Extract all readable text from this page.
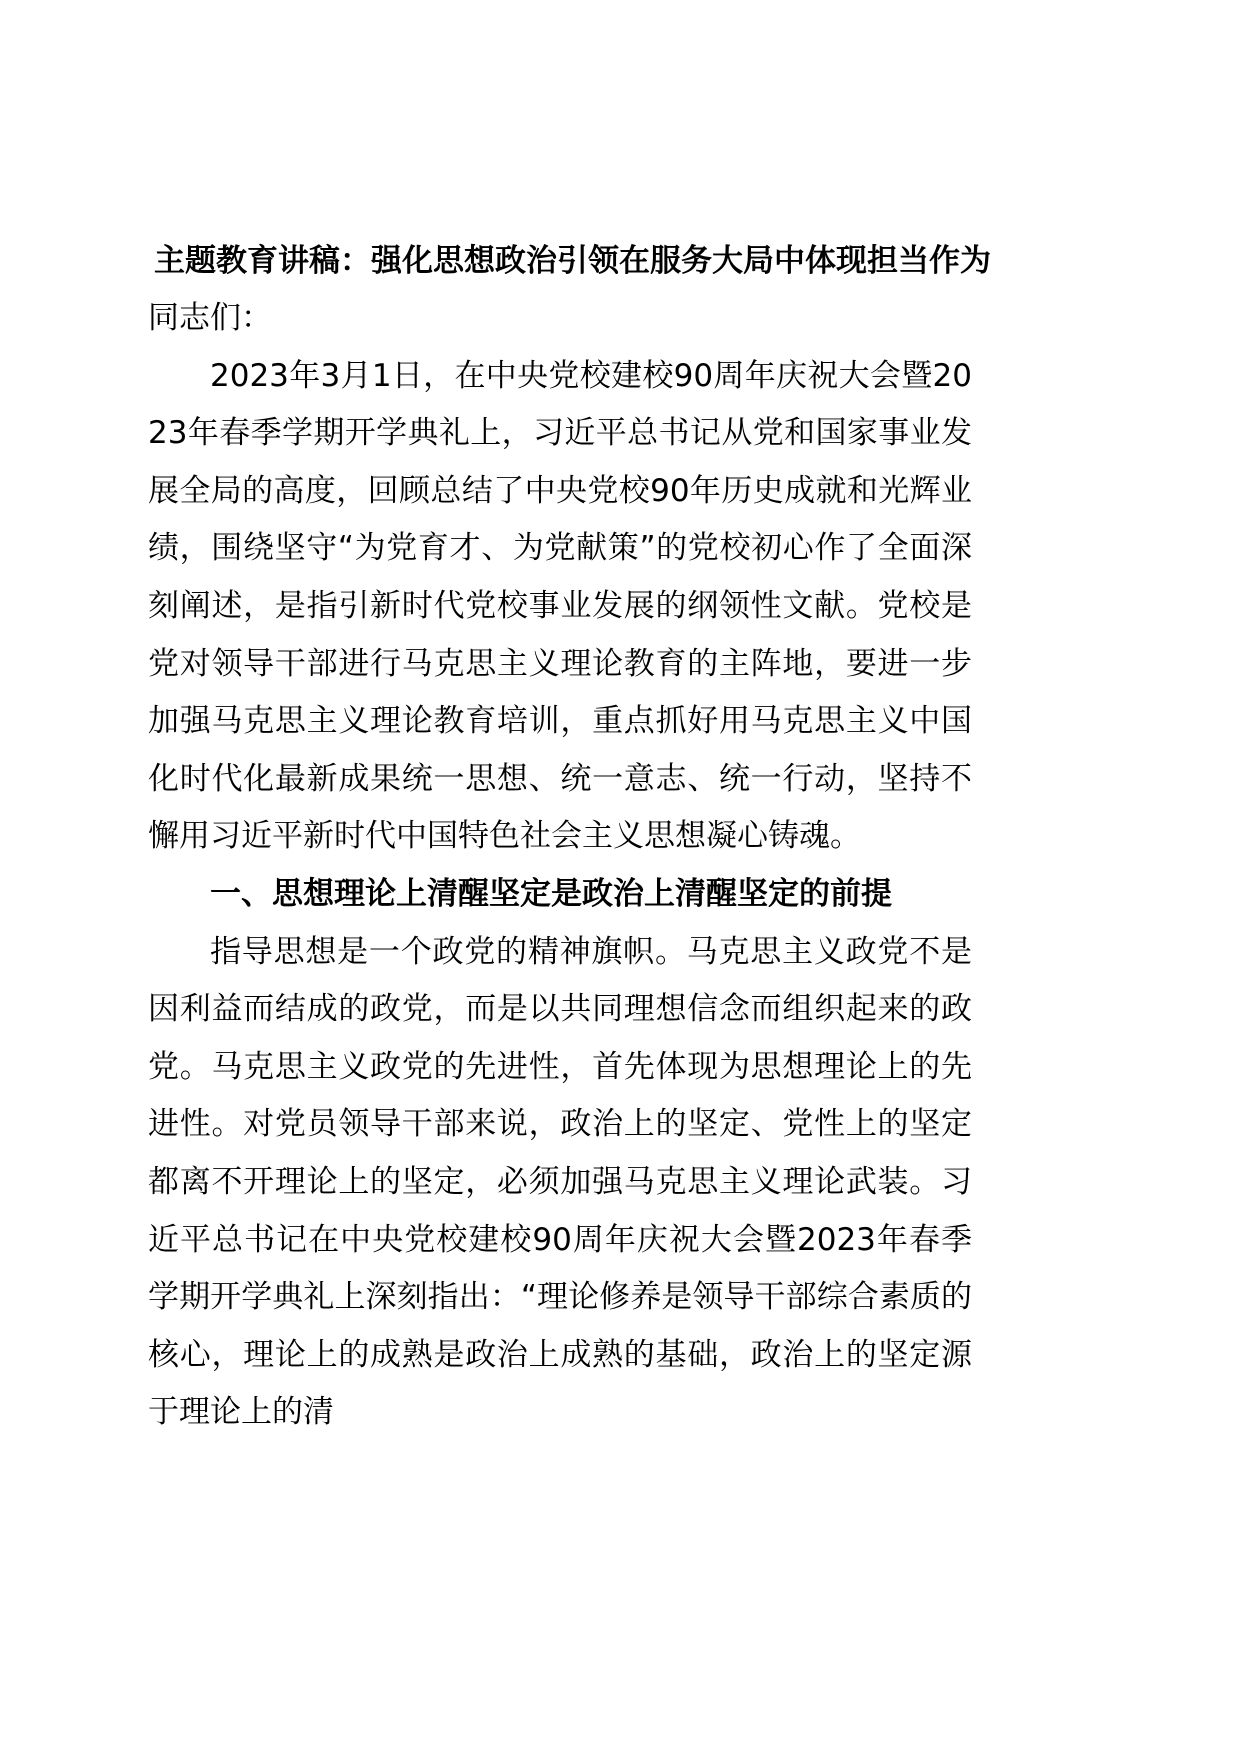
主题教育讲稿：强化思想政治引领在服务大局中体现担当作为

同志们：

2023年3月1日，在中央党校建校90周年庆祝大会暨2023年春季学期开学典礼上，习近平总书记从党和国家事业发展全局的高度，回顾总结了中央党校90年历史成就和光辉业绩，围绕坚守“为党育才、为党献策”的党校初心作了全面深刻阐述，是指引新时代党校事业发展的纲领性文献。党校是党对领导干部进行马克思主义理论教育的主阵地，要进一步加强马克思主义理论教育培训，重点抓好用马克思主义中国化时代化最新成果统一思想、统一意志、统一行动，坚持不懈用习近平新时代中国特色社会主义思想凝心铸魂。

一、思想理论上清醒坚定是政治上清醒坚定的前提

指导思想是一个政党的精神旗帜。马克思主义政党不是因利益而结成的政党，而是以共同理想信念而组织起来的政党。马克思主义政党的先进性，首先体现为思想理论上的先进性。对党员领导干部来说，政治上的坚定、党性上的坚定都离不开理论上的坚定，必须加强马克思主义理论武装。习近平总书记在中央党校建校90周年庆祝大会暨2023年春季学期开学典礼上深刻指出：“理论修养是领导干部综合素质的核心，理论上的成熟是政治上成熟的基础，政治上的坚定源于理论上的清
